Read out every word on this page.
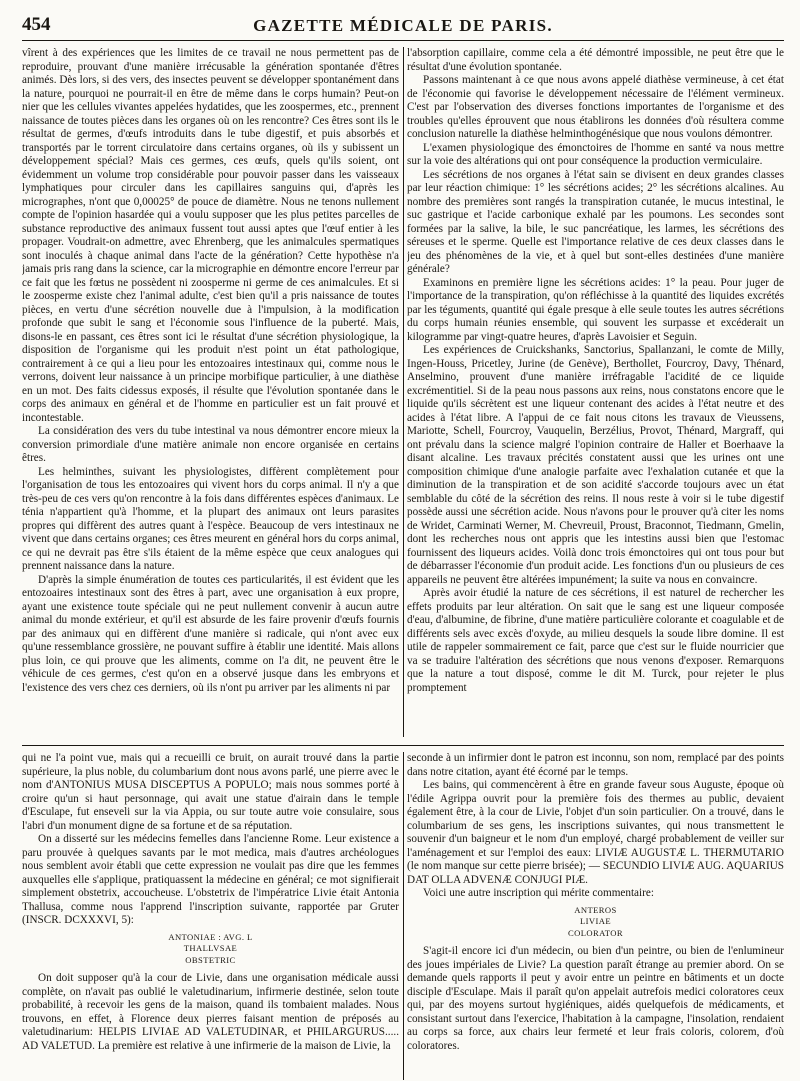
454	GAZETTE MÉDICALE DE PARIS.

vîrent à des expériences que les limites de ce travail ne nous permettent pas de reproduire, prouvant d'une manière irrécusable la génération spontanée d'êtres animés. Dès lors, si des vers, des insectes peuvent se développer spontanément dans la nature, pourquoi ne pourrait-il en être de même dans le corps humain? Peut-on nier que les cellules vivantes appelées hydatides, que les zoospermes, etc., prennent naissance de toutes pièces dans les organes où on les rencontre? Ces êtres sont ils le résultat de germes, d'œufs introduits dans le tube digestif, et puis absorbés et transportés par le torrent circulatoire dans certains organes, où ils y subissent un développement spécial? Mais ces germes, ces œufs, quels qu'ils soient, ont évidemment un volume trop considérable pour pouvoir passer dans les vaisseaux lymphatiques pour circuler dans les capillaires sanguins qui, d'après les micrographes, n'ont que 0,00025° de pouce de diamètre. Nous ne tenons nullement compte de l'opinion hasardée qui a voulu supposer que les plus petites parcelles de substance reproductive des animaux fussent tout aussi aptes que l'œuf entier à les propager. Voudrait-on admettre, avec Ehrenberg, que les animalcules spermatiques sont inoculés à chaque animal dans l'acte de la génération? Cette hypothèse n'a jamais pris rang dans la science, car la micrographie en démontre encore l'erreur par ce fait que les fœtus ne possèdent ni zoosperme ni germe de ces animalcules. Et si le zoosperme existe chez l'animal adulte, c'est bien qu'il a pris naissance de toutes pièces, en vertu d'une sécrétion nouvelle due à l'impulsion, à la modification profonde que subit le sang et l'économie sous l'influence de la puberté. Mais, disons-le en passant, ces êtres sont ici le résultat d'une sécrétion physiologique, la disposition de l'organisme qui les produit n'est point un état pathologique, contrairement à ce qui a lieu pour les entozoaires intestinaux qui, comme nous le verrons, doivent leur naissance à un principe morbifique particulier, à une diathèse en un mot. Des faits cidessus exposés, il résulte que l'évolution spontanée dans le corps des animaux en général et de l'homme en particulier est un fait prouvé et incontestable.

La considération des vers du tube intestinal va nous démontrer encore mieux la conversion primordiale d'une matière animale non encore organisée en certains êtres.

Les helminthes, suivant les physiologistes, diffèrent complètement pour l'organisation de tous les entozoaires qui vivent hors du corps animal. Il n'y a que très-peu de ces vers qu'on rencontre à la fois dans différentes espèces d'animaux. Le ténia n'appartient qu'à l'homme, et la plupart des animaux ont leurs parasites propres qui diffèrent des autres quant à l'espèce. Beaucoup de vers intestinaux ne vivent que dans certains organes; ces êtres meurent en général hors du corps animal, ce qui ne devrait pas être s'ils étaient de la même espèce que ceux analogues qui prennent naissance dans la nature.

D'après la simple énumération de toutes ces particularités, il est évident que les entozoaires intestinaux sont des êtres à part, avec une organisation à eux propre, ayant une existence toute spéciale qui ne peut nullement convenir à aucun autre animal du monde extérieur, et qu'il est absurde de les faire provenir d'œufs fournis par des animaux qui en diffèrent d'une manière si radicale, qui n'ont avec eux qu'une ressemblance grossière, ne pouvant suffire à établir une identité. Mais allons plus loin, ce qui prouve que les aliments, comme on l'a dit, ne peuvent être le véhicule de ces germes, c'est qu'on en a observé jusque dans les embryons et l'existence des vers chez ces derniers, où ils n'ont pu arriver par les aliments ni par

l'absorption capillaire, comme cela a été démontré impossible, ne peut être que le résultat d'une évolution spontanée.

Passons maintenant à ce que nous avons appelé diathèse vermineuse, à cet état de l'économie qui favorise le développement nécessaire de l'élément vermineux. C'est par l'observation des diverses fonctions importantes de l'organisme et des troubles qu'elles éprouvent que nous établirons les données d'où résultera comme conclusion naturelle la diathèse helminthogénésique que nous voulons démontrer.

L'examen physiologique des émonctoires de l'homme en santé va nous mettre sur la voie des altérations qui ont pour conséquence la production vermiculaire.

Les sécrétions de nos organes à l'état sain se divisent en deux grandes classes par leur réaction chimique: 1° les sécrétions acides; 2° les sécrétions alcalines. Au nombre des premières sont rangés la transpiration cutanée, le mucus intestinal, le suc gastrique et l'acide carbonique exhalé par les poumons. Les secondes sont formées par la salive, la bile, le suc pancréatique, les larmes, les sécrétions des séreuses et le sperme. Quelle est l'importance relative de ces deux classes dans le jeu des phénomènes de la vie, et à quel but sont-elles destinées d'une manière générale?

Examinons en première ligne les sécrétions acides: 1° la peau. Pour juger de l'importance de la transpiration, qu'on réfléchisse à la quantité des liquides excrétés par les téguments, quantité qui égale presque à elle seule toutes les autres sécrétions du corps humain réunies ensemble, qui souvent les surpasse et excéderait un kilogramme par vingt-quatre heures, d'après Lavoisier et Seguin.

Les expériences de Cruickshanks, Sanctorius, Spallanzani, le comte de Milly, Ingen-Houss, Pricetley, Jurine (de Genève), Berthollet, Fourcroy, Davy, Thénard, Anselmino, prouvent d'une manière irréfragable l'acidité de ce liquide excrémentitiel. Si de la peau nous passons aux reins, nous constatons encore que le liquide qu'ils sécrètent est une liqueur contenant des acides à l'état neutre et des acides à l'état libre. A l'appui de ce fait nous citons les travaux de Vieussens, Mariotte, Schell, Fourcroy, Vauquelin, Berzélius, Provot, Thénard, Margraff, qui ont prévalu dans la science malgré l'opinion contraire de Haller et Boerhaave la disant alcaline. Les travaux précités constatent aussi que les urines ont une composition chimique d'une analogie parfaite avec l'exhalation cutanée et que la diminution de la transpiration et de son acidité s'accorde toujours avec un état semblable du côté de la sécrétion des reins. Il nous reste à voir si le tube digestif possède aussi une sécrétion acide. Nous n'avons pour le prouver qu'à citer les noms de Wridet, Carminati Werner, M. Chevreuil, Proust, Braconnot, Tiedmann, Gmelin, dont les recherches nous ont appris que les intestins aussi bien que l'estomac fournissent des liqueurs acides. Voilà donc trois émonctoires qui ont tous pour but de débarrasser l'économie d'un produit acide. Les fonctions d'un ou plusieurs de ces appareils ne peuvent être altérées impunément; la suite va nous en convaincre.

Après avoir étudié la nature de ces sécrétions, il est naturel de rechercher les effets produits par leur altération. On sait que le sang est une liqueur composée d'eau, d'albumine, de fibrine, d'une matière particulière colorante et coagulable et de différents sels avec excès d'oxyde, au milieu desquels la soude libre domine. Il est utile de rappeler sommairement ce fait, parce que c'est sur le fluide nourricier que va se traduire l'altération des sécrétions que nous venons d'exposer. Remarquons que la nature a tout disposé, comme le dit M. Turck, pour rejeter le plus promptement

qui ne l'a point vue, mais qui a recueilli ce bruit, on aurait trouvé dans la partie supérieure, la plus noble, du columbarium dont nous avons parlé, une pierre avec le nom d'ANTONIUS MUSA DISCEPTUS A POPULO; mais nous sommes porté à croire qu'un si haut personnage, qui avait une statue d'airain dans le temple d'Esculape, fut enseveli sur la via Appia, ou sur toute autre voie consulaire, sous l'abri d'un monument digne de sa fortune et de sa réputation.

On a disserté sur les médecins femelles dans l'ancienne Rome. Leur existence a paru prouvée à quelques savants par le mot medica, mais d'autres archéologues nous semblent avoir établi que cette expression ne voulait pas dire que les femmes auxquelles elle s'applique, pratiquassent la médecine en général; ce mot signifierait simplement obstetrix, accoucheuse. L'obstetrix de l'impératrice Livie était Antonia Thallusa, comme nous l'apprend l'inscription suivante, rapportée par Gruter (INSCR. DCXXXVI, 5):

ANTONIAE : AVG. L
THALLVSAE
OBSTETRIC

On doit supposer qu'à la cour de Livie, dans une organisation médicale aussi complète, on n'avait pas oublié le valetudinarium, infirmerie destinée, selon toute probabilité, à recevoir les gens de la maison, quand ils tombaient malades. Nous trouvons, en effet, à Florence deux pierres faisant mention de préposés au valetudinarium: HELPIS LIVIAE AD VALETUDINAR, et PHILARGURUS..... AD VALETUD. La première est relative à une infirmerie de la maison de Livie, la

seconde à un infirmier dont le patron est inconnu, son nom, remplacé par des points dans notre citation, ayant été écorné par le temps.

Les bains, qui commencèrent à être en grande faveur sous Auguste, époque où l'édile Agrippa ouvrit pour la première fois des thermes au public, devaient également être, à la cour de Livie, l'objet d'un soin particulier. On a trouvé, dans le columbarium de ses gens, les inscriptions suivantes, qui nous transmettent le souvenir d'un baigneur et le nom d'un employé, chargé probablement de veiller sur l'aménagement et sur l'emploi des eaux: LIVIÆ AUGUSTÆ L. THERMUTARIO (le nom manque sur cette pierre brisée); — SECUNDIO LIVIÆ AUG. AQUARIUS DAT OLLA ADVENÆ CONJUGI PIÆ.

Voici une autre inscription qui mérite commentaire:

ANTEROS
LIVIAE
COLORATOR

S'agit-il encore ici d'un médecin, ou bien d'un peintre, ou bien de l'enlumineur des joues impériales de Livie? La question paraît étrange au premier abord. On se demande quels rapports il peut y avoir entre un peintre en bâtiments et un docte disciple d'Esculape. Mais il paraît qu'on appelait autrefois medici coloratores ceux qui, par des moyens surtout hygiéniques, aidés quelquefois de médicaments, et consistant surtout dans l'exercice, l'habitation à la campagne, l'insolation, rendaient au corps sa force, aux chairs leur fermeté et leur frais coloris, colorem, d'où coloratores.
